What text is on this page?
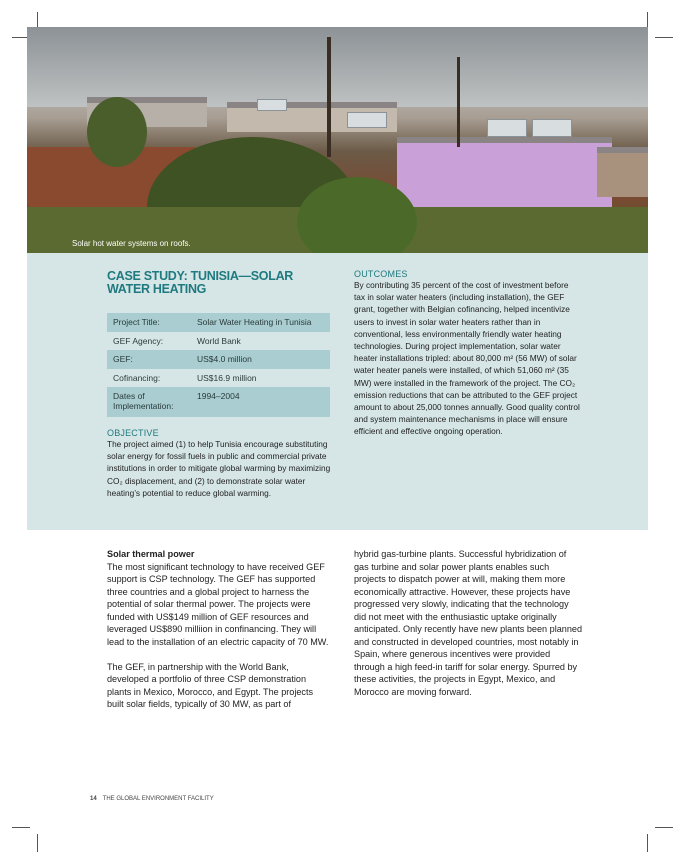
Solar hot water systems on roofs.
CASE STUDY: TUNISIA—SOLAR WATER HEATING
Project Title:	Solar Water Heating in Tunisia
GEF Agency:	World Bank
GEF:	US$4.0 million
Cofinancing:	US$16.9 million
Dates of Implementation:	1994–2004
OBJECTIVE
The project aimed (1) to help Tunisia encourage substituting solar energy for fossil fuels in public and commercial private institutions in order to mitigate global warming by maximizing CO₂ displacement, and (2) to demonstrate solar water heating’s potential to reduce global warming.
OUTCOMES
By contributing 35 percent of the cost of investment before tax in solar water heaters (including installation), the GEF grant, together with Belgian cofinancing, helped incentivize users to invest in solar water heaters rather than in conventional, less environmentally friendly water heating technologies. During project implementation, solar water heater installations tripled: about 80,000 m² (56 MW) of solar water heater panels were installed, of which 51,060 m² (35 MW) were installed in the framework of the project. The CO₂ emission reductions that can be attributed to the GEF project amount to about 25,000 tonnes annually. Good quality control and system maintenance mechanisms in place will ensure efficient and effective ongoing operation.
Solar thermal power
The most significant technology to have received GEF support is CSP technology. The GEF has supported three countries and a global project to harness the potential of solar thermal power. The projects were funded with US$149 million of GEF resources and leveraged US$890 milliion in confinancing. They will lead to the installation of an electric capacity of 70 MW.
The GEF, in partnership with the World Bank, developed a portfolio of three CSP demonstration plants in Mexico, Morocco, and Egypt. The projects built solar fields, typically of 30 MW, as part of
hybrid gas-turbine plants. Successful hybridization of gas turbine and solar power plants enables such projects to dispatch power at will, making them more economically attractive. However, these projects have progressed very slowly, indicating that the technology did not meet with the enthusiastic uptake originally anticipated. Only recently have new plants been planned and constructed in developed countries, most notably in Spain, where generous incentives were provided through a high feed-in tariff for solar energy. Spurred by these activities, the projects in Egypt, Mexico, and Morocco are moving forward.
14 THE GLOBAL ENVIRONMENT FACILITY
